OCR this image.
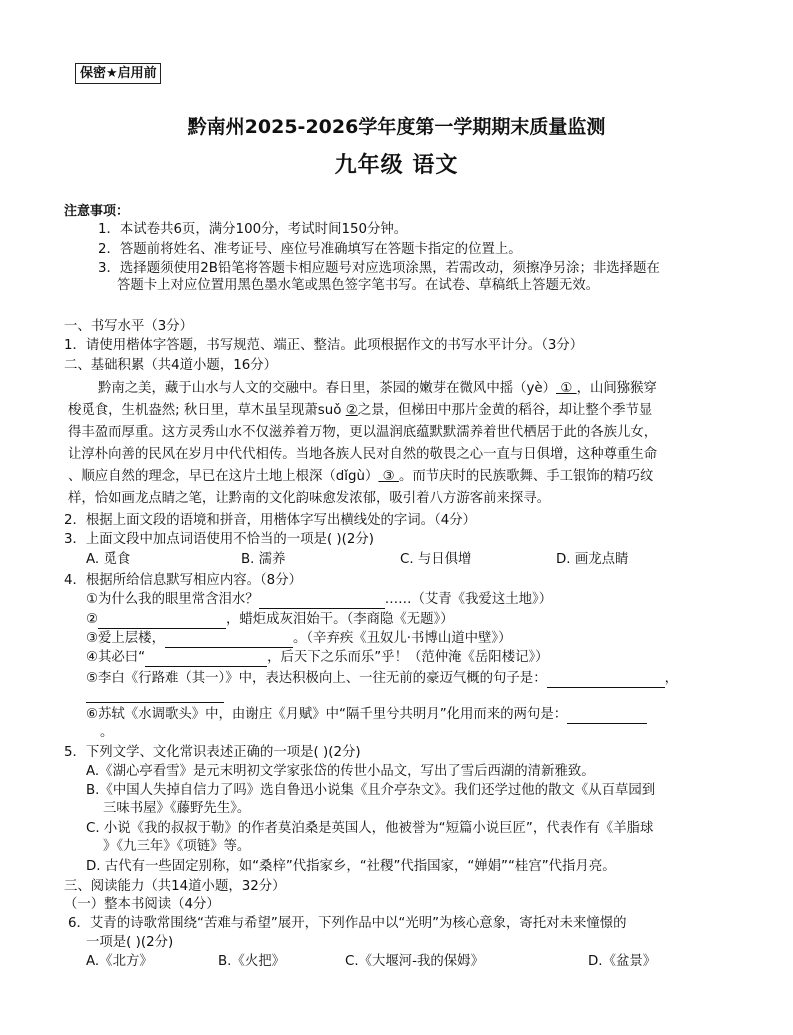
保密★启用前
黔南州2025-2026学年度第一学期期末质量监测
九年级 语文
注意事项：
1．本试卷共6页，满分100分，考试时间150分钟。
2．答题前将姓名、准考证号、座位号准确填写在答题卡指定的位置上。
3．选择题须使用2B铅笔将答题卡相应题号对应选项涂黑，若需改动，须擦净另涂；非选择题在
答题卡上对应位置用黑色墨水笔或黑色签字笔书写。在试卷、草稿纸上答题无效。
一、书写水平（3分）
1．请使用楷体字答题，书写规范、端正、整洁。此项根据作文的书写水平计分。（3分）
二、基础积累（共4道小题，16分）
黔南之美，藏于山水与人文的交融中。春日里，茶园的嫩芽在微风中摇（yè） ① ，山间猕猴穿
梭觅食，生机盎然; 秋日里，草木虽呈现萧suǒ ②之景，但梯田中那片金黄的稻谷，却让整个季节显
得丰盈而厚重。这方灵秀山水不仅滋养着万物，更以温润底蕴默默濡养着世代栖居于此的各族儿女，
让淳朴向善的民风在岁月中代代相传。当地各族人民对自然的敬畏之心一直与日俱增，这种尊重生命
、顺应自然的理念，早已在这片土地上根深（dǐgù） ③ 。而节庆时的民族歌舞、手工银饰的精巧纹
样，恰如画龙点睛之笔，让黔南的文化韵味愈发浓郁，吸引着八方游客前来探寻。
2．根据上面文段的语境和拼音，用楷体字写出横线处的字词。（4分）
3．上面文段中加点词语使用不恰当的一项是( )(2分)
A. 觅食	B. 濡养	C. 与日俱增	D. 画龙点睛
4．根据所给信息默写相应内容。（8分）
①为什么我的眼里常含泪水？	……（艾青《我爱这土地》）
②	，蜡炬成灰泪始干。（李商隐《无题》）
③爱上层楼，	。（辛弃疾《丑奴儿·书博山道中壁》）
④其必曰“	，后天下之乐而乐”乎！（范仲淹《岳阳楼记》）
⑤李白《行路难（其一）》中，表达积极向上、一往无前的豪迈气概的句子是：	，
⑥苏轼《水调歌头》中，由谢庄《月赋》中“隔千里兮共明月”化用而来的两句是：
。
5．下列文学、文化常识表述正确的一项是( )(2分)
A.《湖心亭看雪》是元末明初文学家张岱的传世小品文，写出了雪后西湖的清新雅致。
B.《中国人失掉自信力了吗》选自鲁迅小说集《且介亭杂文》。我们还学过他的散文《从百草园到
三味书屋》《藤野先生》。
C. 小说《我的叔叔于勒》的作者莫泊桑是英国人，他被誉为“短篇小说巨匠”，代表作有《羊脂球
》《九三年》《项链》等。
D. 古代有一些固定别称，如“桑梓”代指家乡，“社稷”代指国家，“婵娟”“桂宫”代指月亮。
三、阅读能力（共14道小题，32分）
（一）整本书阅读（4分）
6．艾青的诗歌常围绕“苦难与希望”展开，下列作品中以“光明”为核心意象，寄托对未来憧憬的
一项是( )(2分)
A.《北方》	B.《火把》	C.《大堰河-我的保姆》	D.《盆景》
